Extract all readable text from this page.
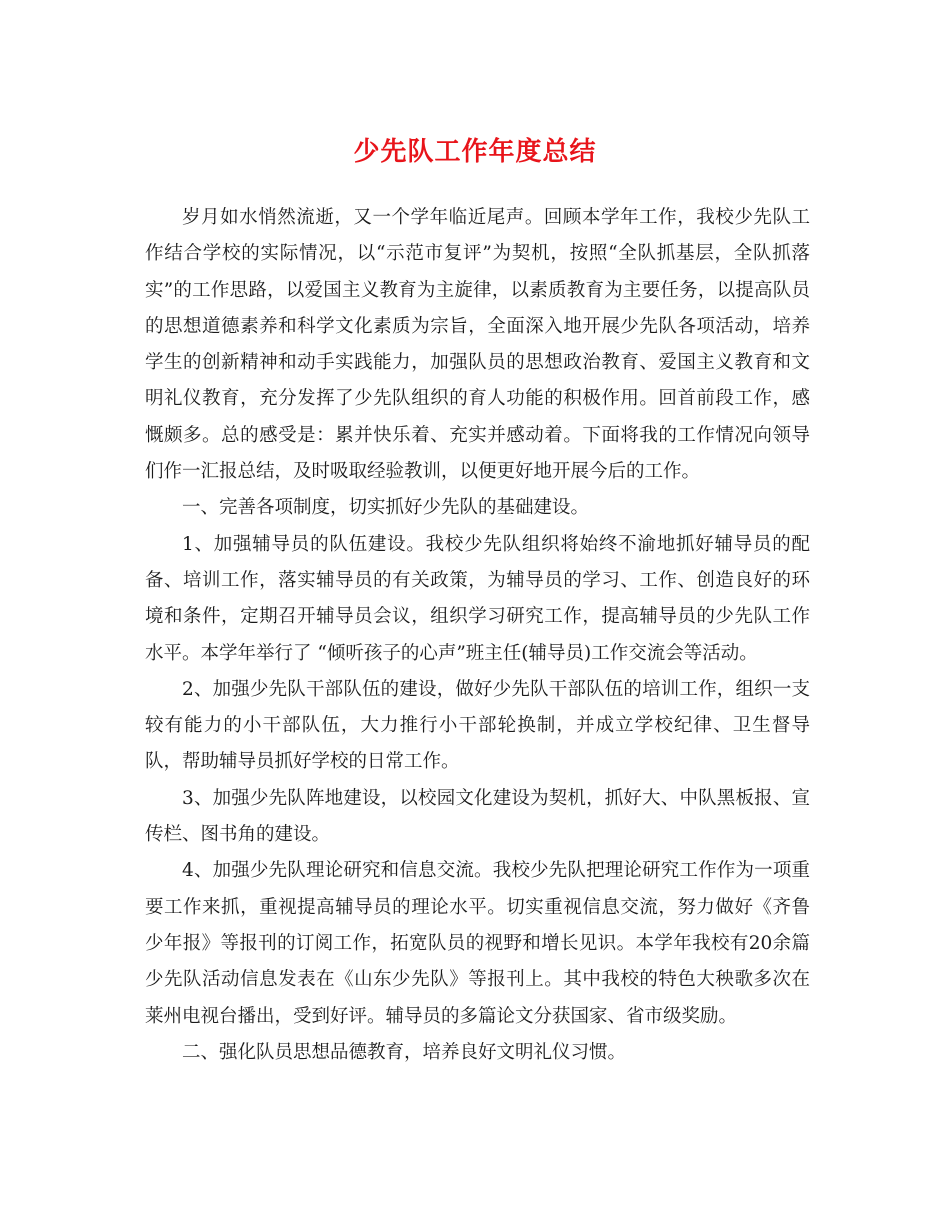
少先队工作年度总结

岁月如水悄然流逝，又一个学年临近尾声。回顾本学年工作，我校少先队工作结合学校的实际情况，以“示范市复评”为契机，按照“全队抓基层，全队抓落实”的工作思路，以爱国主义教育为主旋律，以素质教育为主要任务，以提高队员的思想道德素养和科学文化素质为宗旨，全面深入地开展少先队各项活动，培养学生的创新精神和动手实践能力，加强队员的思想政治教育、爱国主义教育和文明礼仪教育，充分发挥了少先队组织的育人功能的积极作用。回首前段工作，感慨颇多。总的感受是：累并快乐着、充实并感动着。下面将我的工作情况向领导们作一汇报总结，及时吸取经验教训，以便更好地开展今后的工作。

一、完善各项制度，切实抓好少先队的基础建设。

1、加强辅导员的队伍建设。我校少先队组织将始终不渝地抓好辅导员的配备、培训工作，落实辅导员的有关政策，为辅导员的学习、工作、创造良好的环境和条件，定期召开辅导员会议，组织学习研究工作，提高辅导员的少先队工作水平。本学年举行了 “倾听孩子的心声”班主任(辅导员)工作交流会等活动。

2、加强少先队干部队伍的建设，做好少先队干部队伍的培训工作，组织一支较有能力的小干部队伍，大力推行小干部轮换制，并成立学校纪律、卫生督导队，帮助辅导员抓好学校的日常工作。

3、加强少先队阵地建设，以校园文化建设为契机，抓好大、中队黑板报、宣传栏、图书角的建设。

4、加强少先队理论研究和信息交流。我校少先队把理论研究工作作为一项重要工作来抓，重视提高辅导员的理论水平。切实重视信息交流，努力做好《齐鲁少年报》等报刊的订阅工作，拓宽队员的视野和增长见识。本学年我校有20余篇少先队活动信息发表在《山东少先队》等报刊上。其中我校的特色大秧歌多次在莱州电视台播出，受到好评。辅导员的多篇论文分获国家、省市级奖励。

二、强化队员思想品德教育，培养良好文明礼仪习惯。
